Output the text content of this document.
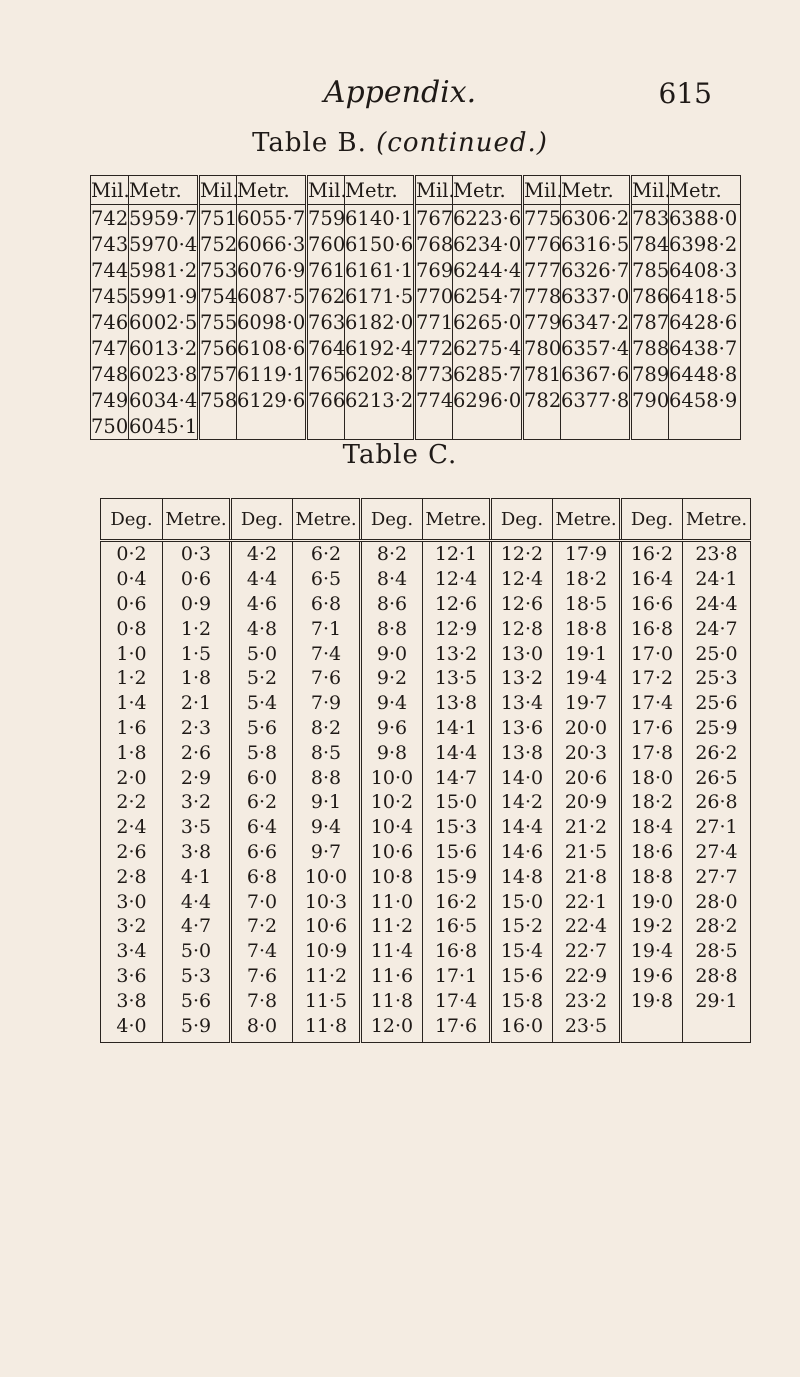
Appendix.	615
Table B. (continued.)
Mil.	Metr.	Mil.	Metr.	Mil.	Metr.	Mil.	Metr.	Mil.	Metr.	Mil.	Metr.
742	5959·7	751	6055·7	759	6140·1	767	6223·6	775	6306·2	783	6388·0
743	5970·4	752	6066·3	760	6150·6	768	6234·0	776	6316·5	784	6398·2
744	5981·2	753	6076·9	761	6161·1	769	6244·4	777	6326·7	785	6408·3
745	5991·9	754	6087·5	762	6171·5	770	6254·7	778	6337·0	786	6418·5
746	6002·5	755	6098·0	763	6182·0	771	6265·0	779	6347·2	787	6428·6
747	6013·2	756	6108·6	764	6192·4	772	6275·4	780	6357·4	788	6438·7
748	6023·8	757	6119·1	765	6202·8	773	6285·7	781	6367·6	789	6448·8
749	6034·4	758	6129·6	766	6213·2	774	6296·0	782	6377·8	790	6458·9
750	6045·1										
Table C.
Deg.	Metre.	Deg.	Metre.	Deg.	Metre.	Deg.	Metre.	Deg.	Metre.
0·2	0·3	4·2	6·2	8·2	12·1	12·2	17·9	16·2	23·8
0·4	0·6	4·4	6·5	8·4	12·4	12·4	18·2	16·4	24·1
0·6	0·9	4·6	6·8	8·6	12·6	12·6	18·5	16·6	24·4
0·8	1·2	4·8	7·1	8·8	12·9	12·8	18·8	16·8	24·7
1·0	1·5	5·0	7·4	9·0	13·2	13·0	19·1	17·0	25·0
1·2	1·8	5·2	7·6	9·2	13·5	13·2	19·4	17·2	25·3
1·4	2·1	5·4	7·9	9·4	13·8	13·4	19·7	17·4	25·6
1·6	2·3	5·6	8·2	9·6	14·1	13·6	20·0	17·6	25·9
1·8	2·6	5·8	8·5	9·8	14·4	13·8	20·3	17·8	26·2
2·0	2·9	6·0	8·8	10·0	14·7	14·0	20·6	18·0	26·5
2·2	3·2	6·2	9·1	10·2	15·0	14·2	20·9	18·2	26·8
2·4	3·5	6·4	9·4	10·4	15·3	14·4	21·2	18·4	27·1
2·6	3·8	6·6	9·7	10·6	15·6	14·6	21·5	18·6	27·4
2·8	4·1	6·8	10·0	10·8	15·9	14·8	21·8	18·8	27·7
3·0	4·4	7·0	10·3	11·0	16·2	15·0	22·1	19·0	28·0
3·2	4·7	7·2	10·6	11·2	16·5	15·2	22·4	19·2	28·2
3·4	5·0	7·4	10·9	11·4	16·8	15·4	22·7	19·4	28·5
3·6	5·3	7·6	11·2	11·6	17·1	15·6	22·9	19·6	28·8
3·8	5·6	7·8	11·5	11·8	17·4	15·8	23·2	19·8	29·1
4·0	5·9	8·0	11·8	12·0	17·6	16·0	23·5		
